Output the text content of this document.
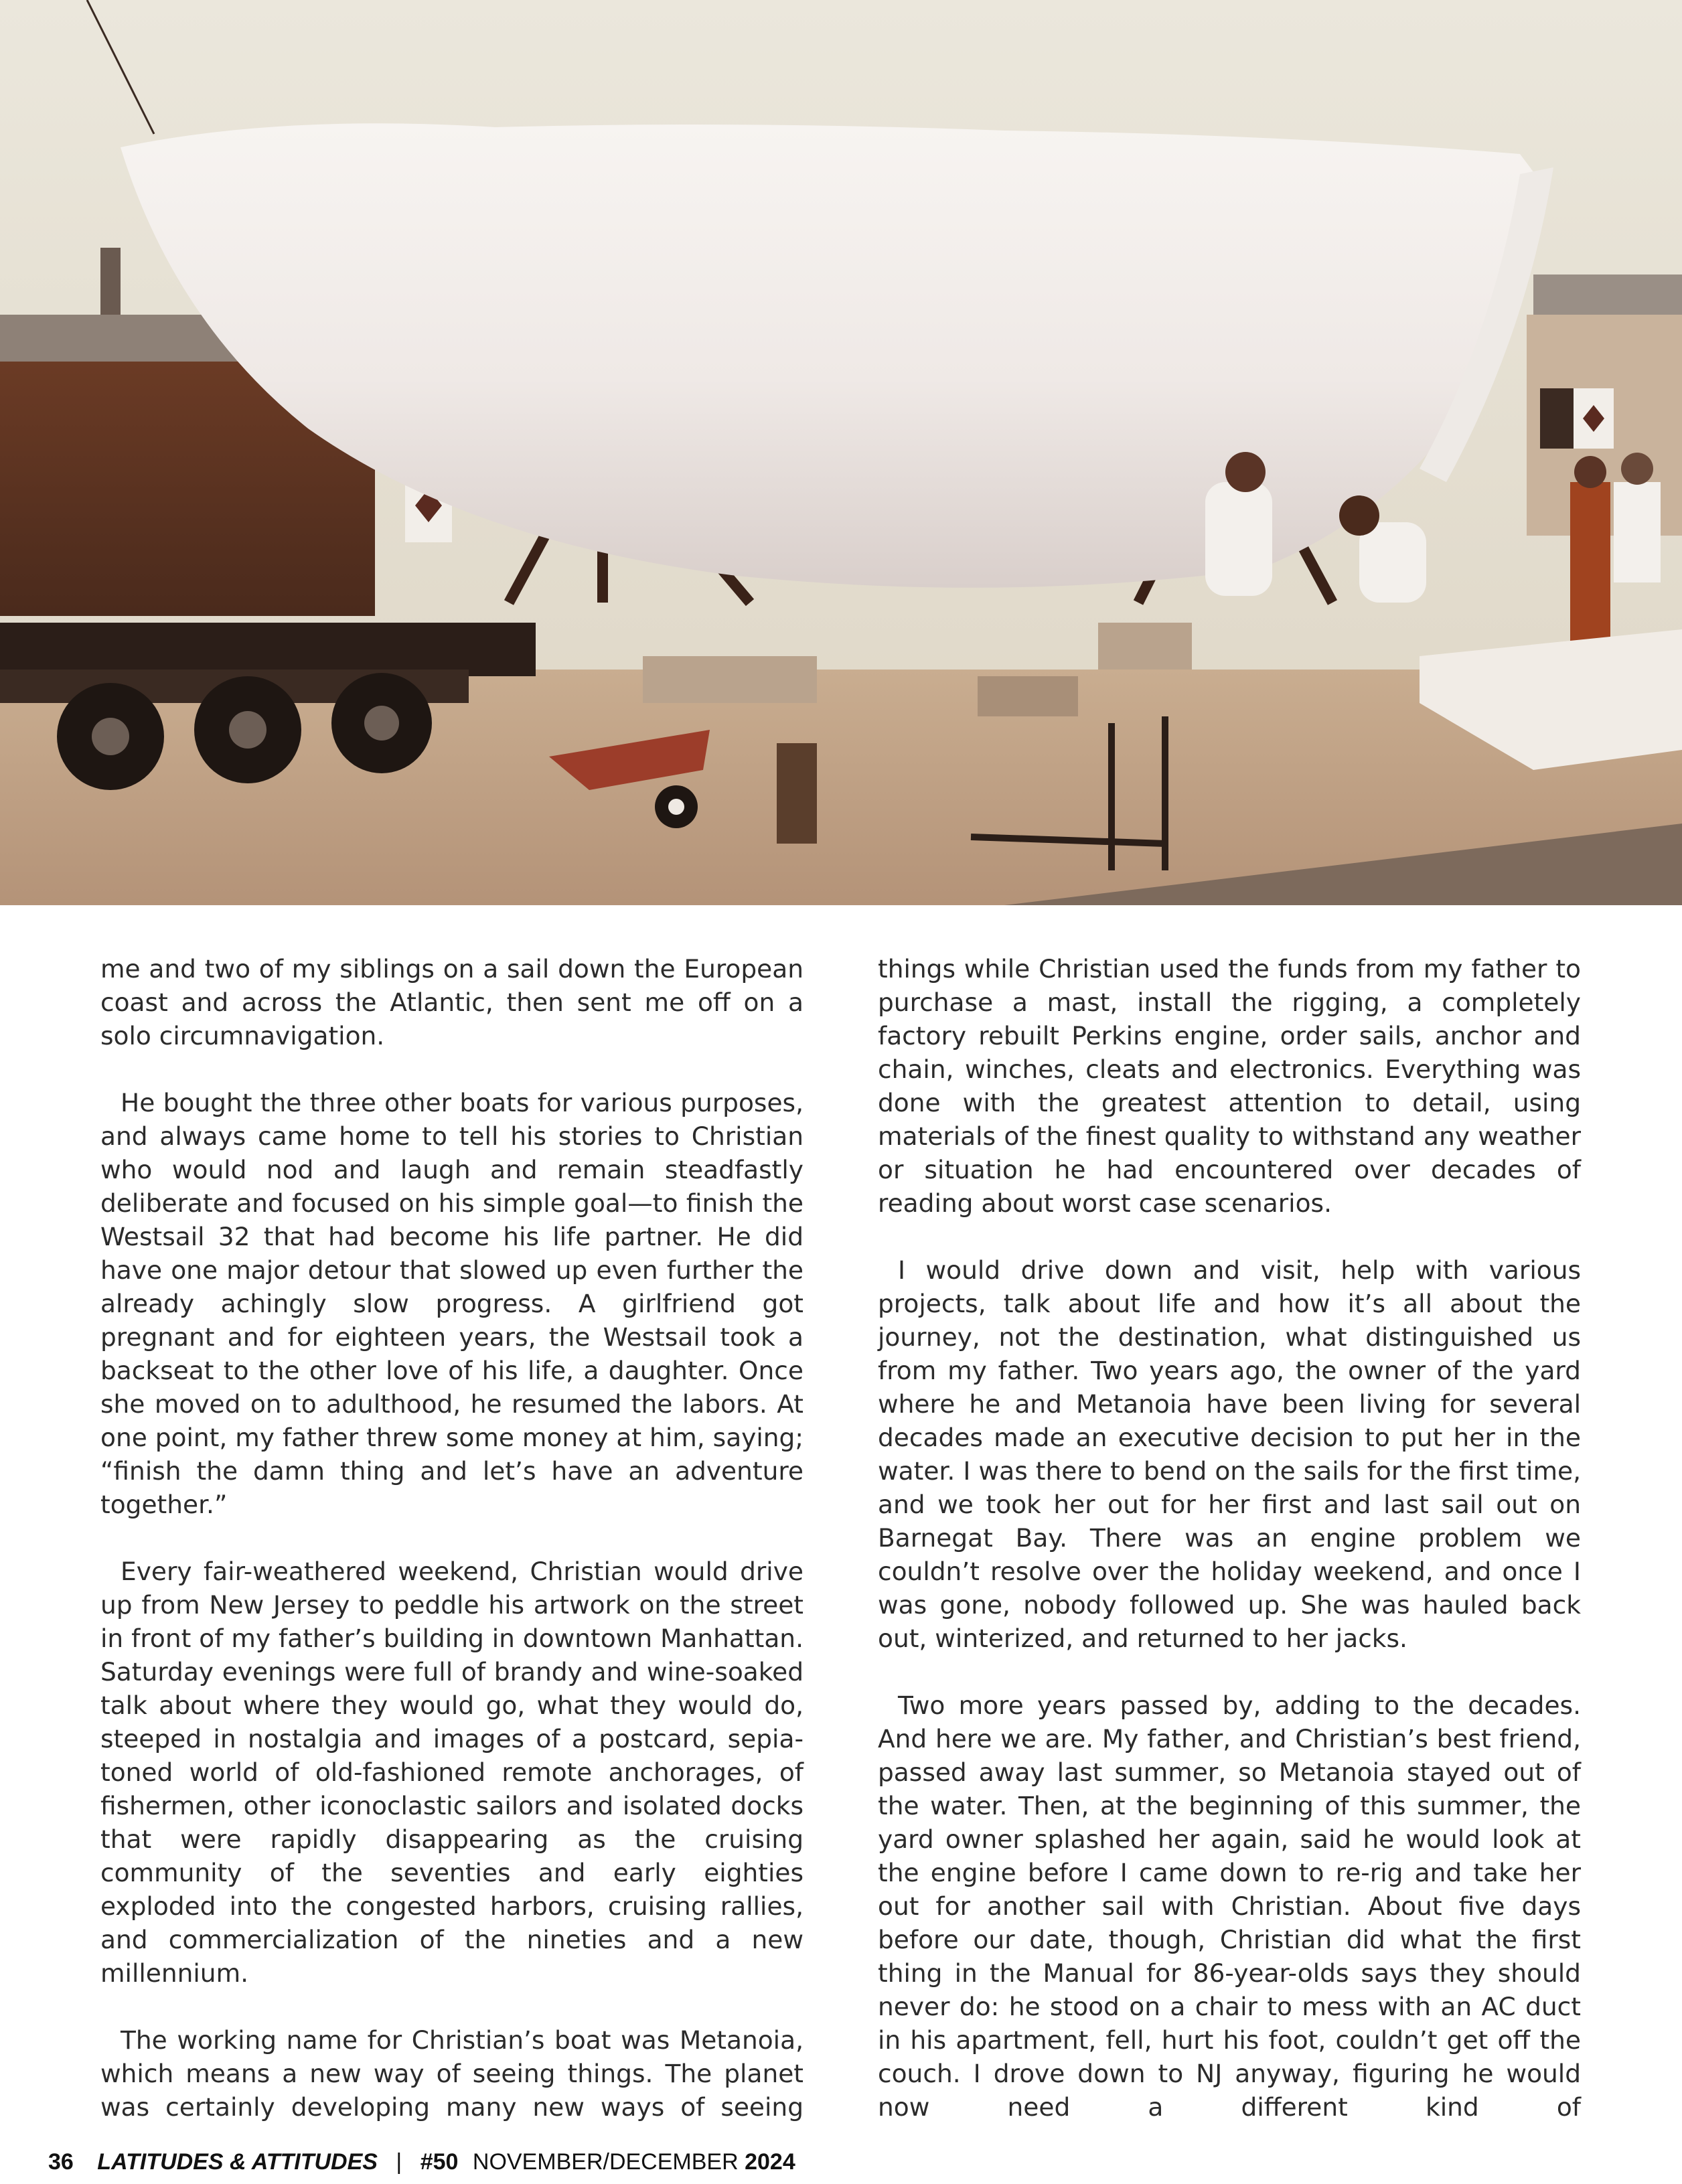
me and two of my siblings on a sail down the European coast and across the Atlantic, then sent me off on a solo circumnavigation.

He bought the three other boats for various purposes, and always came home to tell his stories to Christian who would nod and laugh and remain steadfastly deliberate and focused on his simple goal—to finish the Westsail 32 that had become his life partner. He did have one major detour that slowed up even further the already achingly slow progress. A girlfriend got pregnant and for eighteen years, the Westsail took a backseat to the other love of his life, a daughter. Once she moved on to adulthood, he resumed the labors. At one point, my father threw some money at him, saying; “finish the damn thing and let’s have an adventure together.”

Every fair-weathered weekend, Christian would drive up from New Jersey to peddle his artwork on the street in front of my father’s building in downtown Manhattan. Saturday evenings were full of brandy and wine-soaked talk about where they would go, what they would do, steeped in nostalgia and images of a postcard, sepia-toned world of old-fashioned remote anchorages, of fishermen, other iconoclastic sailors and isolated docks that were rapidly disappearing as the cruising community of the seventies and early eighties exploded into the congested harbors, cruising rallies, and commercialization of the nineties and a new millennium.

The working name for Christian’s boat was Metanoia, which means a new way of seeing things. The planet was certainly developing many new ways of seeing

things while Christian used the funds from my father to purchase a mast, install the rigging, a completely factory rebuilt Perkins engine, order sails, anchor and chain, winches, cleats and electronics. Everything was done with the greatest attention to detail, using materials of the finest quality to withstand any weather or situation he had encountered over decades of reading about worst case scenarios.

I would drive down and visit, help with various projects, talk about life and how it’s all about the journey, not the destination, what distinguished us from my father. Two years ago, the owner of the yard where he and Metanoia have been living for several decades made an executive decision to put her in the water. I was there to bend on the sails for the first time, and we took her out for her first and last sail out on Barnegat Bay. There was an engine problem we couldn’t resolve over the holiday weekend, and once I was gone, nobody followed up. She was hauled back out, winterized, and returned to her jacks.

Two more years passed by, adding to the decades. And here we are. My father, and Christian’s best friend, passed away last summer, so Metanoia stayed out of the water. Then, at the beginning of this summer, the yard owner splashed her again, said he would look at the engine before I came down to re-rig and take her out for another sail with Christian. About five days before our date, though, Christian did what the first thing in the Manual for 86-year-olds says they should never do: he stood on a chair to mess with an AC duct in his apartment, fell, hurt his foot, couldn’t get off the couch. I drove down to NJ anyway, figuring he would now need a different kind of

36 LATITUDES & ATTITUDES | #50 NOVEMBER/DECEMBER 2024
